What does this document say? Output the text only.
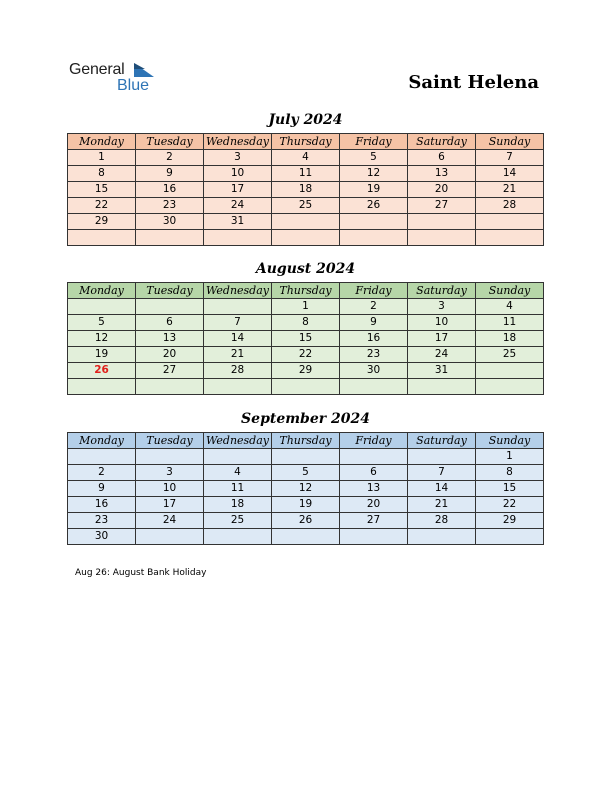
General
Blue	Saint Helena
July 2024
Monday	Tuesday	Wednesday	Thursday	Friday	Saturday	Sunday
1	2	3	4	5	6	7
8	9	10	11	12	13	14
15	16	17	18	19	20	21
22	23	24	25	26	27	28
29	30	31				

August 2024
Monday	Tuesday	Wednesday	Thursday	Friday	Saturday	Sunday
			1	2	3	4
5	6	7	8	9	10	11
12	13	14	15	16	17	18
19	20	21	22	23	24	25
26	27	28	29	30	31	

September 2024
Monday	Tuesday	Wednesday	Thursday	Friday	Saturday	Sunday
						1
2	3	4	5	6	7	8
9	10	11	12	13	14	15
16	17	18	19	20	21	22
23	24	25	26	27	28	29
30						
Aug 26: August Bank Holiday
